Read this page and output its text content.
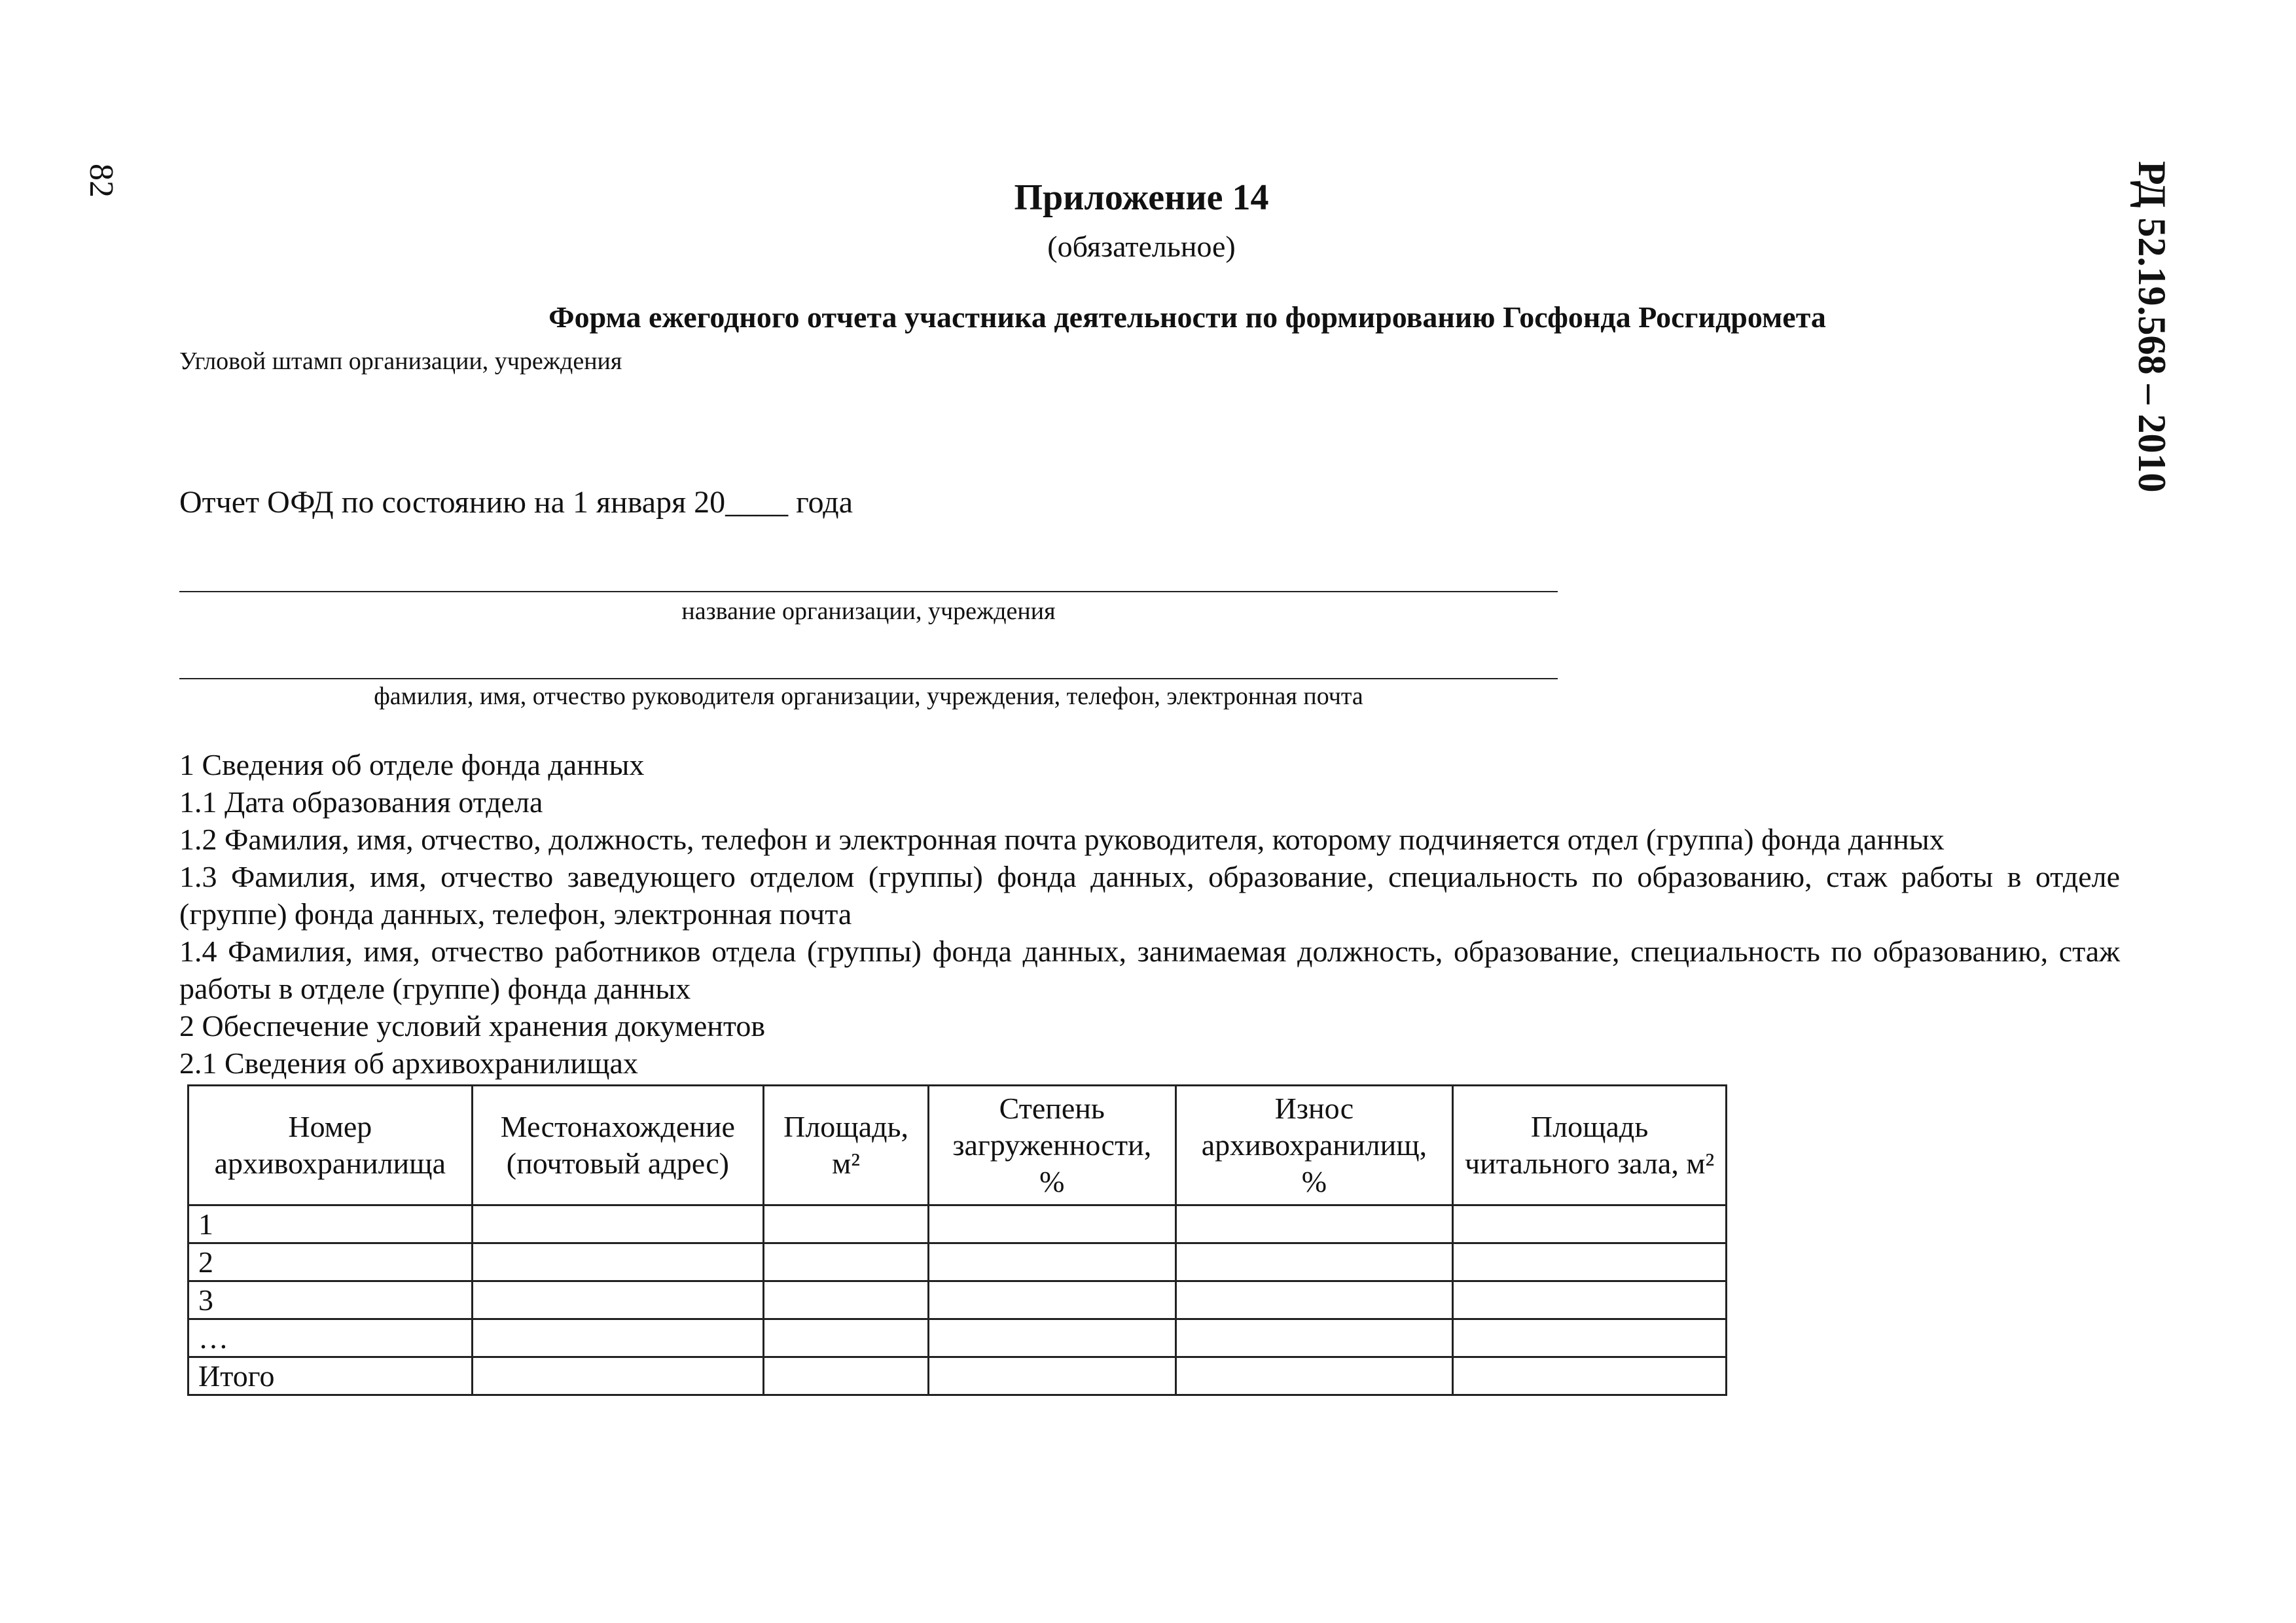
82	РД 52.19.568 – 2010
Приложение 14
(обязательное)
Форма ежегодного отчета участника деятельности по формированию Госфонда Росгидромета
Угловой штамп организации, учреждения
Отчет ОФД по состоянию на 1 января 20____ года
название организации, учреждения
фамилия, имя, отчество руководителя организации, учреждения, телефон, электронная почта

1 Сведения об отделе фонда данных

1.1 Дата образования отдела

1.2 Фамилия, имя, отчество, должность, телефон и электронная почта руководителя, которому подчиняется отдел (группа) фонда данных

1.3 Фамилия, имя, отчество заведующего отделом (группы) фонда данных, образование, специальность по образованию, стаж работы в отделе (группе) фонда данных, телефон, электронная почта

1.4 Фамилия, имя, отчество работников отдела (группы) фонда данных, занимаемая должность, образование, специальность по образованию, стаж работы в отделе (группе) фонда данных

2 Обеспечение условий хранения документов

2.1 Сведения об архивохранилищах

Номер архивохранилища	Местонахождение (почтовый адрес)	Площадь, м²	Степень загруженности, %	Износ архивохранилищ, %	Площадь читального зала, м²
1					
2					
3					
…					
Итого					
